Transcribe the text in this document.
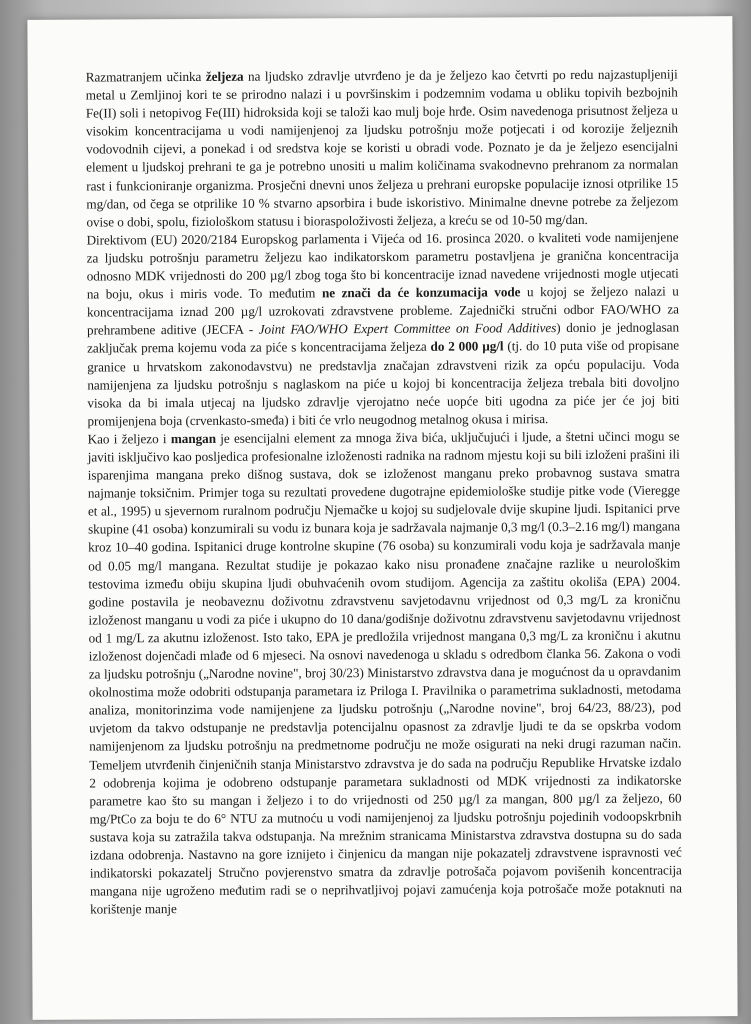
Razmatranjem učinka željeza na ljudsko zdravlje utvrđeno je da je željezo kao četvrti po redu najzastupljeniji metal u Zemljinoj kori te se prirodno nalazi i u površinskim i podzemnim vodama u obliku topivih bezbojnih Fe(II) soli i netopivog Fe(III) hidroksida koji se taloži kao mulj boje hrđe. Osim navedenoga prisutnost željeza u visokim koncentracijama u vodi namijenjenoj za ljudsku potrošnju može potjecati i od korozije željeznih vodovodnih cijevi, a ponekad i od sredstva koje se koristi u obradi vode. Poznato je da je željezo esencijalni element u ljudskoj prehrani te ga je potrebno unositi u malim količinama svakodnevno prehranom za normalan rast i funkcioniranje organizma. Prosječni dnevni unos željeza u prehrani europske populacije iznosi otprilike 15 mg/dan, od čega se otprilike 10 % stvarno apsorbira i bude iskoristivo. Minimalne dnevne potrebe za željezom ovise o dobi, spolu, fiziološkom statusu i bioraspoloživosti željeza, a kreću se od 10-50 mg/dan.

Direktivom (EU) 2020/2184 Europskog parlamenta i Vijeća od 16. prosinca 2020. o kvaliteti vode namijenjene za ljudsku potrošnju parametru željezu kao indikatorskom parametru postavljena je granična koncentracija odnosno MDK vrijednosti do 200 µg/l zbog toga što bi koncentracije iznad navedene vrijednosti mogle utjecati na boju, okus i miris vode. To međutim ne znači da će konzumacija vode u kojoj se željezo nalazi u koncentracijama iznad 200 µg/l uzrokovati zdravstvene probleme. Zajednički stručni odbor FAO/WHO za prehrambene aditive (JECFA - Joint FAO/WHO Expert Committee on Food Additives) donio je jednoglasan zaključak prema kojemu voda za piće s koncentracijama željeza do 2 000 µg/l (tj. do 10 puta više od propisane granice u hrvatskom zakonodavstvu) ne predstavlja značajan zdravstveni rizik za opću populaciju. Voda namijenjena za ljudsku potrošnju s naglaskom na piće u kojoj bi koncentracija željeza trebala biti dovoljno visoka da bi imala utjecaj na ljudsko zdravlje vjerojatno neće uopće biti ugodna za piće jer će joj biti promijenjena boja (crvenkasto-smeđa) i biti će vrlo neugodnog metalnog okusa i mirisa.

Kao i željezo i mangan je esencijalni element za mnoga živa bića, uključujući i ljude, a štetni učinci mogu se javiti isključivo kao posljedica profesionalne izloženosti radnika na radnom mjestu koji su bili izloženi prašini ili isparenjima mangana preko dišnog sustava, dok se izloženost manganu preko probavnog sustava smatra najmanje toksičnim. Primjer toga su rezultati provedene dugotrajne epidemiološke studije pitke vode (Vieregge et al., 1995) u sjevernom ruralnom području Njemačke u kojoj su sudjelovale dvije skupine ljudi. Ispitanici prve skupine (41 osoba) konzumirali su vodu iz bunara koja je sadržavala najmanje 0,3 mg/l (0.3–2.16 mg/l) mangana kroz 10–40 godina. Ispitanici druge kontrolne skupine (76 osoba) su konzumirali vodu koja je sadržavala manje od 0.05 mg/l mangana. Rezultat studije je pokazao kako nisu pronađene značajne razlike u neurološkim testovima između obiju skupina ljudi obuhvaćenih ovom studijom. Agencija za zaštitu okoliša (EPA) 2004. godine postavila je neobaveznu doživotnu zdravstvenu savjetodavnu vrijednost od 0,3 mg/L za kroničnu izloženost manganu u vodi za piće i ukupno do 10 dana/godišnje doživotnu zdravstvenu savjetodavnu vrijednost od 1 mg/L za akutnu izloženost. Isto tako, EPA je predložila vrijednost mangana 0,3 mg/L za kroničnu i akutnu izloženost dojenčadi mlađe od 6 mjeseci. Na osnovi navedenoga u skladu s odredbom članka 56. Zakona o vodi za ljudsku potrošnju („Narodne novine", broj 30/23) Ministarstvo zdravstva dana je mogućnost da u opravdanim okolnostima može odobriti odstupanja parametara iz Priloga I. Pravilnika o parametrima sukladnosti, metodama analiza, monitorinzima vode namijenjene za ljudsku potrošnju („Narodne novine", broj 64/23, 88/23), pod uvjetom da takvo odstupanje ne predstavlja potencijalnu opasnost za zdravlje ljudi te da se opskrba vodom namijenjenom za ljudsku potrošnju na predmetnome području ne može osigurati na neki drugi razuman način. Temeljem utvrđenih činjeničnih stanja Ministarstvo zdravstva je do sada na području Republike Hrvatske izdalo 2 odobrenja kojima je odobreno odstupanje parametara sukladnosti od MDK vrijednosti za indikatorske parametre kao što su mangan i željezo i to do vrijednosti od 250 µg/l za mangan, 800 µg/l za željezo, 60 mg/PtCo za boju te do 6° NTU za mutnoću u vodi namijenjenoj za ljudsku potrošnju pojedinih vodoopskrbnih sustava koja su zatražila takva odstupanja. Na mrežnim stranicama Ministarstva zdravstva dostupna su do sada izdana odobrenja. Nastavno na gore iznijeto i činjenicu da mangan nije pokazatelj zdravstvene ispravnosti već indikatorski pokazatelj Stručno povjerenstvo smatra da zdravlje potrošača pojavom povišenih koncentracija mangana nije ugroženo međutim radi se o neprihvatljivoj pojavi zamućenja koja potrošače može potaknuti na korištenje manje
